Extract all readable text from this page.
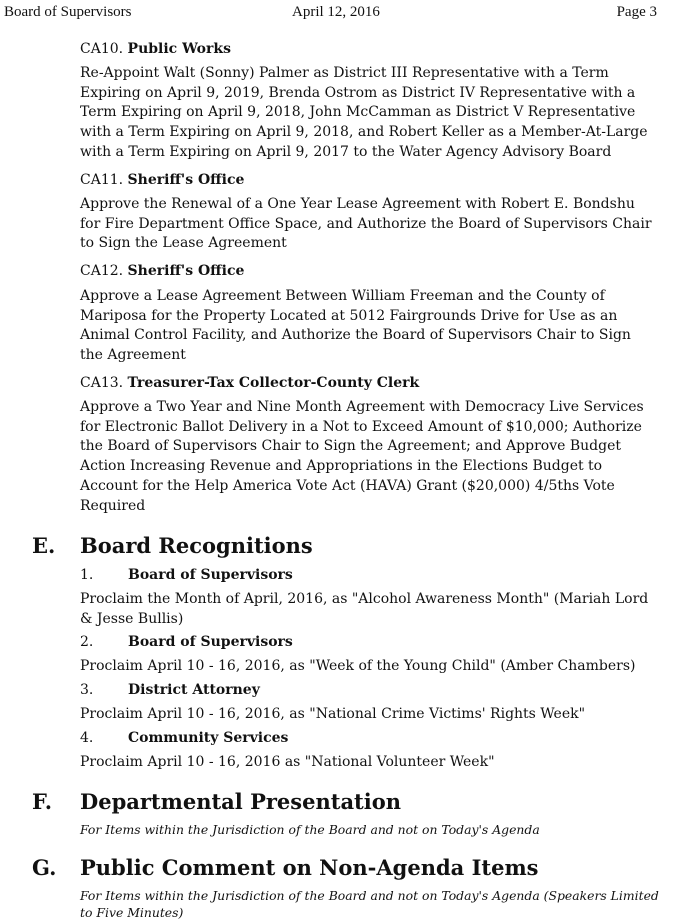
Board of Supervisors	April 12, 2016	Page 3
CA10. Public Works
Re-Appoint Walt (Sonny) Palmer as District III Representative with a Term Expiring on April 9, 2019, Brenda Ostrom as District IV Representative with a Term Expiring on April 9, 2018, John McCamman as District V Representative with a Term Expiring on April 9, 2018, and Robert Keller as a Member-At-Large with a Term Expiring on April 9, 2017 to the Water Agency Advisory Board
CA11. Sheriff's Office
Approve the Renewal of a One Year Lease Agreement with Robert E. Bondshu for Fire Department Office Space, and Authorize the Board of Supervisors Chair to Sign the Lease Agreement
CA12. Sheriff's Office
Approve a Lease Agreement Between William Freeman and the County of Mariposa for the Property Located at 5012 Fairgrounds Drive for Use as an Animal Control Facility, and Authorize the Board of Supervisors Chair to Sign the Agreement
CA13. Treasurer-Tax Collector-County Clerk
Approve a Two Year and Nine Month Agreement with Democracy Live Services for Electronic Ballot Delivery in a Not to Exceed Amount of $10,000; Authorize the Board of Supervisors Chair to Sign the Agreement; and Approve Budget Action Increasing Revenue and Appropriations in the Elections Budget to Account for the Help America Vote Act (HAVA) Grant ($20,000) 4/5ths Vote Required
E. Board Recognitions
1. Board of Supervisors
Proclaim the Month of April, 2016, as "Alcohol Awareness Month" (Mariah Lord & Jesse Bullis)
2. Board of Supervisors
Proclaim April 10 - 16, 2016, as "Week of the Young Child" (Amber Chambers)
3. District Attorney
Proclaim April 10 - 16, 2016, as "National Crime Victims' Rights Week"
4. Community Services
Proclaim April 10 - 16, 2016 as "National Volunteer Week"
F. Departmental Presentation
For Items within the Jurisdiction of the Board and not on Today's Agenda
G. Public Comment on Non-Agenda Items
For Items within the Jurisdiction of the Board and not on Today's Agenda (Speakers Limited to Five Minutes)
